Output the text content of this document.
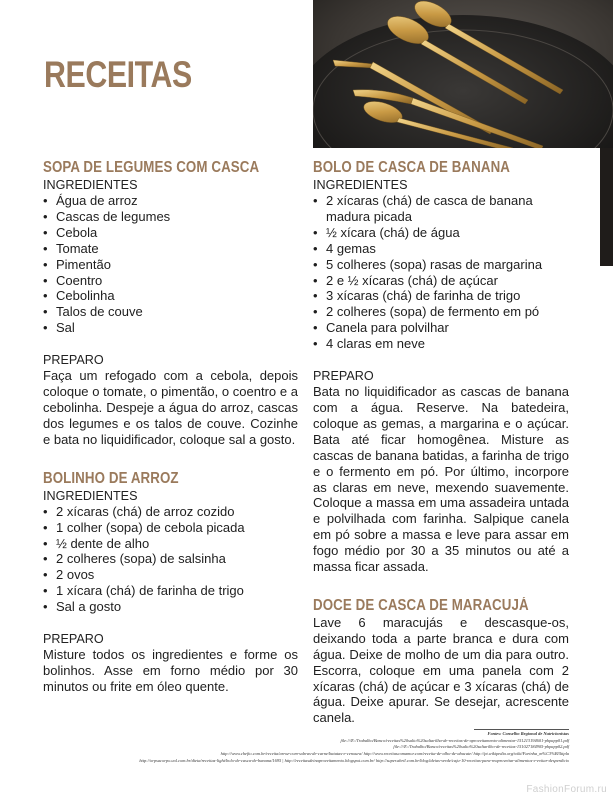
RECEITAS
SOPA DE LEGUMES COM CASCA
INGREDIENTES
• Água de arroz
• Cascas de legumes
• Cebola
• Tomate
• Pimentão
• Coentro
• Cebolinha
• Talos de couve
• Sal
PREPARO
Faça um refogado com a cebola, depois coloque o tomate, o pimentão, o coentro e a cebolinha. Despeje a água do arroz, cascas dos legumes e os talos de couve. Cozinhe e bata no liquidificador, coloque sal a gosto.
BOLINHO DE ARROZ
INGREDIENTES
• 2 xícaras (chá) de arroz cozido
• 1 colher (sopa) de cebola picada
• ½ dente de alho
• 2 colheres (sopa) de salsinha
• 2 ovos
• 1 xícara (chá) de farinha de trigo
• Sal a gosto
PREPARO
Misture todos os ingredientes e forme os bolinhos. Asse em forno médio por 30 minutos ou frite em óleo quente.
BOLO DE CASCA DE BANANA
INGREDIENTES
• 2 xícaras (chá) de casca de banana madura picada
• ½ xícara (chá) de água
• 4 gemas
• 5 colheres (sopa) rasas de margarina
• 2 e ½ xícaras (chá) de açúcar
• 3 xícaras (chá) de farinha de trigo
• 2 colheres (sopa) de fermento em pó
• Canela para polvilhar
• 4 claras em neve
PREPARO
Bata no liquidificador as cascas de banana com a água. Reserve. Na batedeira, coloque as gemas, a margarina e o açúcar. Bata até ficar homogênea. Misture as cascas de banana batidas, a farinha de trigo e o fermento em pó. Por último, incorpore as claras em neve, mexendo suavemente. Coloque a massa em uma assadeira untada e polvilhada com farinha. Salpique canela em pó sobre a massa e leve para assar em fogo médio por 30 a 35 minutos ou até a massa ficar assada.
DOCE DE CASCA DE MARACUJÁ
Lave 6 maracujás e descasque-os, deixando toda a parte branca e dura com água. Deixe de molho de um dia para outro. Escorra, coloque em uma panela com 2 xícaras (chá) de açúcar e 3 xícaras (chá) de água. Deixe apurar. Se desejar, acrescente canela.
Fontes: Conselho Regional de Nutricionistas
file:///E:/Trabalho/Banco/receitas%20salto%20saltarilha-de-receitas-de-aproveitamento-alimentar-151213194601-phpapp01.pdf
file:///E:/Trabalho/Banco/receitas%20salto%20saltarilho-de-receitas-151027184905-phpapp02.pdf
http://www.chefto.com.br/receita/arroz-com-sobras-de-carne/batatas-e-cenoura/ http://www.receitascomamor.com/receita-de-alho-de-abacate/ http://pt.wikipedia.org/wiki/Farinha_m%C3%B3ltipla
http://orpsacorpo.uol.com.br/dieta/receitas-light/bolo-de-casca-de-banana/1695 | http://receitasdeinaproveitamento.blogspot.com.br/ http://super.abril.com.br/blog/ideias-verde/caju-10-receitas-para-reaproveitar-alimentos-e-evitar-desperdicio
FashionForum.ru
